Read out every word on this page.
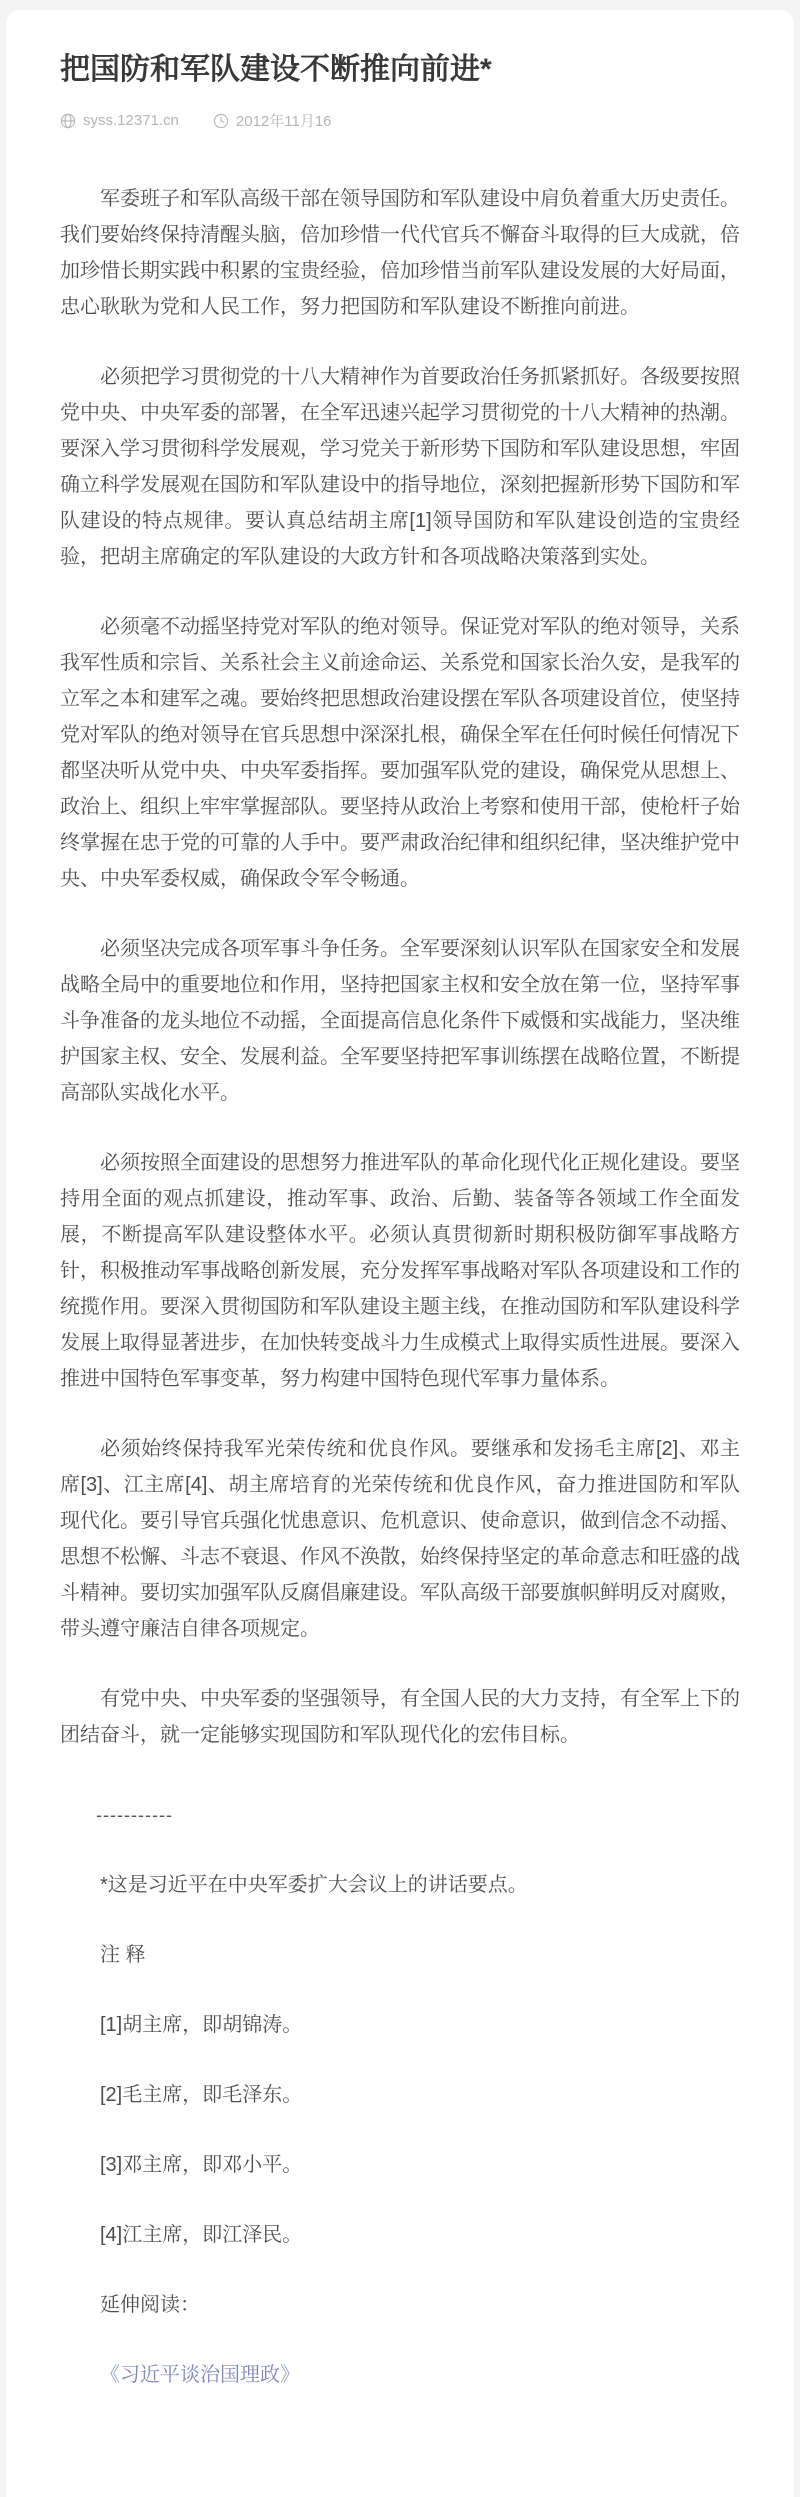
把国防和军队建设不断推向前进*
syss.12371.cn	2012年11月16

军委班子和军队高级干部在领导国防和军队建设中肩负着重大历史责任。我们要始终保持清醒头脑，倍加珍惜一代代官兵不懈奋斗取得的巨大成就，倍加珍惜长期实践中积累的宝贵经验，倍加珍惜当前军队建设发展的大好局面，忠心耿耿为党和人民工作，努力把国防和军队建设不断推向前进。

必须把学习贯彻党的十八大精神作为首要政治任务抓紧抓好。各级要按照党中央、中央军委的部署，在全军迅速兴起学习贯彻党的十八大精神的热潮。要深入学习贯彻科学发展观，学习党关于新形势下国防和军队建设思想，牢固确立科学发展观在国防和军队建设中的指导地位，深刻把握新形势下国防和军队建设的特点规律。要认真总结胡主席[1]领导国防和军队建设创造的宝贵经验，把胡主席确定的军队建设的大政方针和各项战略决策落到实处。

必须毫不动摇坚持党对军队的绝对领导。保证党对军队的绝对领导，关系我军性质和宗旨、关系社会主义前途命运、关系党和国家长治久安，是我军的立军之本和建军之魂。要始终把思想政治建设摆在军队各项建设首位，使坚持党对军队的绝对领导在官兵思想中深深扎根，确保全军在任何时候任何情况下都坚决听从党中央、中央军委指挥。要加强军队党的建设，确保党从思想上、政治上、组织上牢牢掌握部队。要坚持从政治上考察和使用干部，使枪杆子始终掌握在忠于党的可靠的人手中。要严肃政治纪律和组织纪律，坚决维护党中央、中央军委权威，确保政令军令畅通。

必须坚决完成各项军事斗争任务。全军要深刻认识军队在国家安全和发展战略全局中的重要地位和作用，坚持把国家主权和安全放在第一位，坚持军事斗争准备的龙头地位不动摇，全面提高信息化条件下威慑和实战能力，坚决维护国家主权、安全、发展利益。全军要坚持把军事训练摆在战略位置，不断提高部队实战化水平。

必须按照全面建设的思想努力推进军队的革命化现代化正规化建设。要坚持用全面的观点抓建设，推动军事、政治、后勤、装备等各领域工作全面发展，不断提高军队建设整体水平。必须认真贯彻新时期积极防御军事战略方针，积极推动军事战略创新发展，充分发挥军事战略对军队各项建设和工作的统揽作用。要深入贯彻国防和军队建设主题主线，在推动国防和军队建设科学发展上取得显著进步，在加快转变战斗力生成模式上取得实质性进展。要深入推进中国特色军事变革，努力构建中国特色现代军事力量体系。

必须始终保持我军光荣传统和优良作风。要继承和发扬毛主席[2]、邓主席[3]、江主席[4]、胡主席培育的光荣传统和优良作风，奋力推进国防和军队现代化。要引导官兵强化忧患意识、危机意识、使命意识，做到信念不动摇、思想不松懈、斗志不衰退、作风不涣散，始终保持坚定的革命意志和旺盛的战斗精神。要切实加强军队反腐倡廉建设。军队高级干部要旗帜鲜明反对腐败，带头遵守廉洁自律各项规定。

有党中央、中央军委的坚强领导，有全国人民的大力支持，有全军上下的团结奋斗，就一定能够实现国防和军队现代化的宏伟目标。

-----------

*这是习近平在中央军委扩大会议上的讲话要点。

注 释

[1]胡主席，即胡锦涛。

[2]毛主席，即毛泽东。

[3]邓主席，即邓小平。

[4]江主席，即江泽民。

延伸阅读：

《习近平谈治国理政》
